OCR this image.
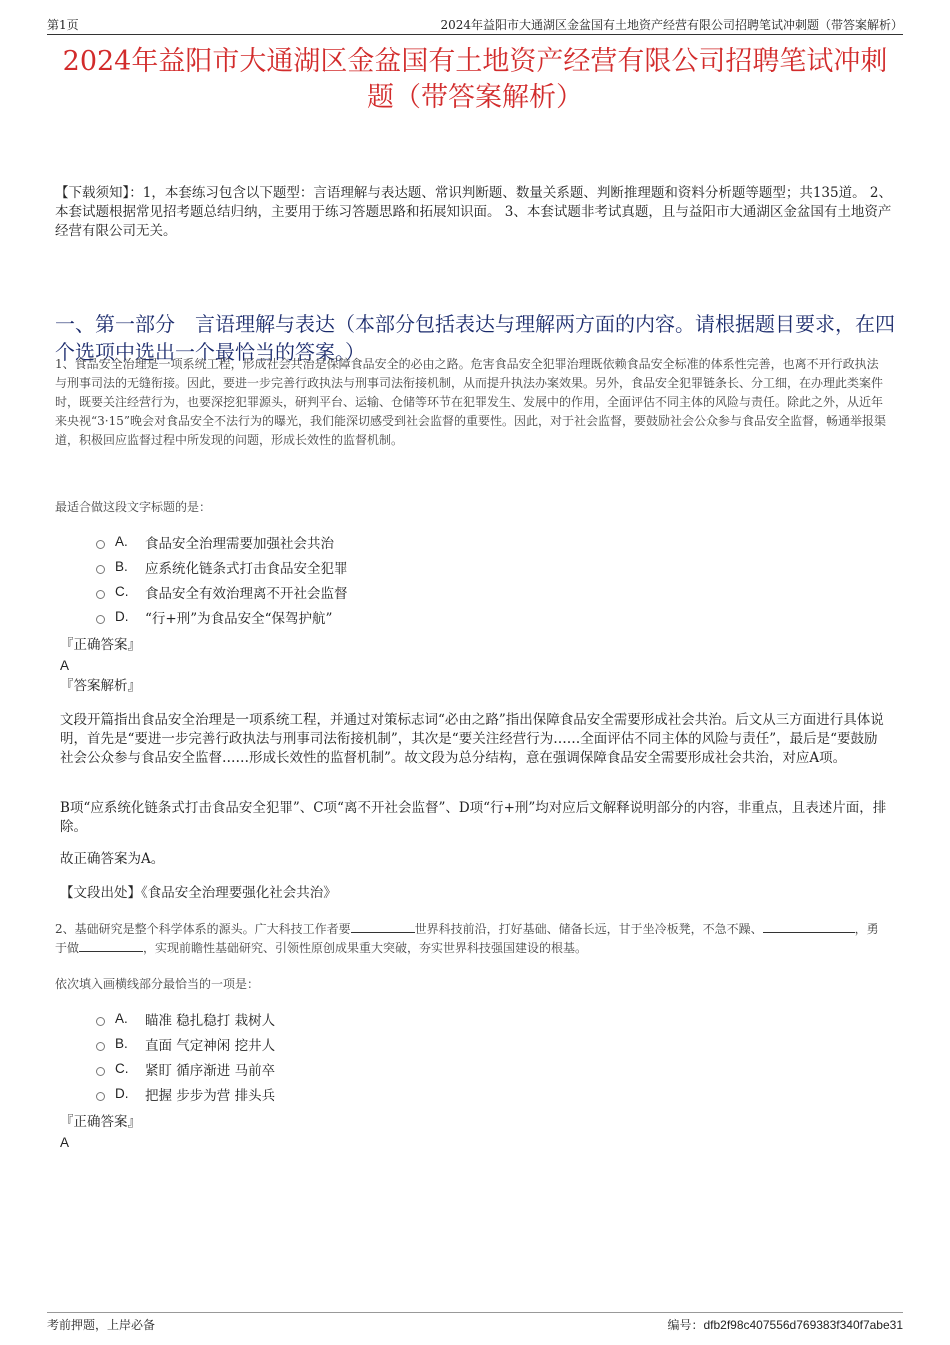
第1页	2024年益阳市大通湖区金盆国有土地资产经营有限公司招聘笔试冲刺题（带答案解析）
2024年益阳市大通湖区金盆国有土地资产经营有限公司招聘笔试冲刺题（带答案解析）
【下载须知】：1，本套练习包含以下题型：言语理解与表达题、常识判断题、数量关系题、判断推理题和资料分析题等题型；共135道。 2、本套试题根据常见招考题总结归纳，主要用于练习答题思路和拓展知识面。 3、本套试题非考试真题，且与益阳市大通湖区金盆国有土地资产经营有限公司无关。
一、第一部分　言语理解与表达（本部分包括表达与理解两方面的内容。请根据题目要求，在四个选项中选出一个最恰当的答案。）
1、食品安全治理是一项系统工程，形成社会共治是保障食品安全的必由之路。危害食品安全犯罪治理既依赖食品安全标准的体系性完善，也离不开行政执法与刑事司法的无缝衔接。因此，要进一步完善行政执法与刑事司法衔接机制，从而提升执法办案效果。另外，食品安全犯罪链条长、分工细，在办理此类案件时，既要关注经营行为，也要深挖犯罪源头，研判平台、运输、仓储等环节在犯罪发生、发展中的作用，全面评估不同主体的风险与责任。除此之外，从近年来央视“3·15”晚会对食品安全不法行为的曝光，我们能深切感受到社会监督的重要性。因此，对于社会监督，要鼓励社会公众参与食品安全监督，畅通举报渠道，积极回应监督过程中所发现的问题，形成长效性的监督机制。
最适合做这段文字标题的是：
A.	食品安全治理需要加强社会共治
B.	应系统化链条式打击食品安全犯罪
C.	食品安全有效治理离不开社会监督
D.	“行+刑”为食品安全“保驾护航”
『正确答案』
A
『答案解析』
文段开篇指出食品安全治理是一项系统工程，并通过对策标志词“必由之路”指出保障食品安全需要形成社会共治。后文从三方面进行具体说明，首先是“要进一步完善行政执法与刑事司法衔接机制”，其次是“要关注经营行为……全面评估不同主体的风险与责任”，最后是“要鼓励社会公众参与食品安全监督……形成长效性的监督机制”。故文段为总分结构，意在强调保障食品安全需要形成社会共治，对应A项。
B项“应系统化链条式打击食品安全犯罪”、C项“离不开社会监督”、D项“行+刑”均对应后文解释说明部分的内容，非重点，且表述片面，排除。
故正确答案为A。
【文段出处】《食品安全治理要强化社会共治》
2、基础研究是整个科学体系的源头。广大科技工作者要	世界科技前沿，打好基础、储备长远，甘于坐冷板凳，不急不躁、	，勇于做	，实现前瞻性基础研究、引领性原创成果重大突破，夯实世界科技强国建设的根基。
依次填入画横线部分最恰当的一项是：
A.	瞄准 稳扎稳打 栽树人
B.	直面 气定神闲 挖井人
C.	紧盯 循序渐进 马前卒
D.	把握 步步为营 排头兵
『正确答案』
A
考前押题，上岸必备	编号：dfb2f98c407556d769383f340f7abe31
